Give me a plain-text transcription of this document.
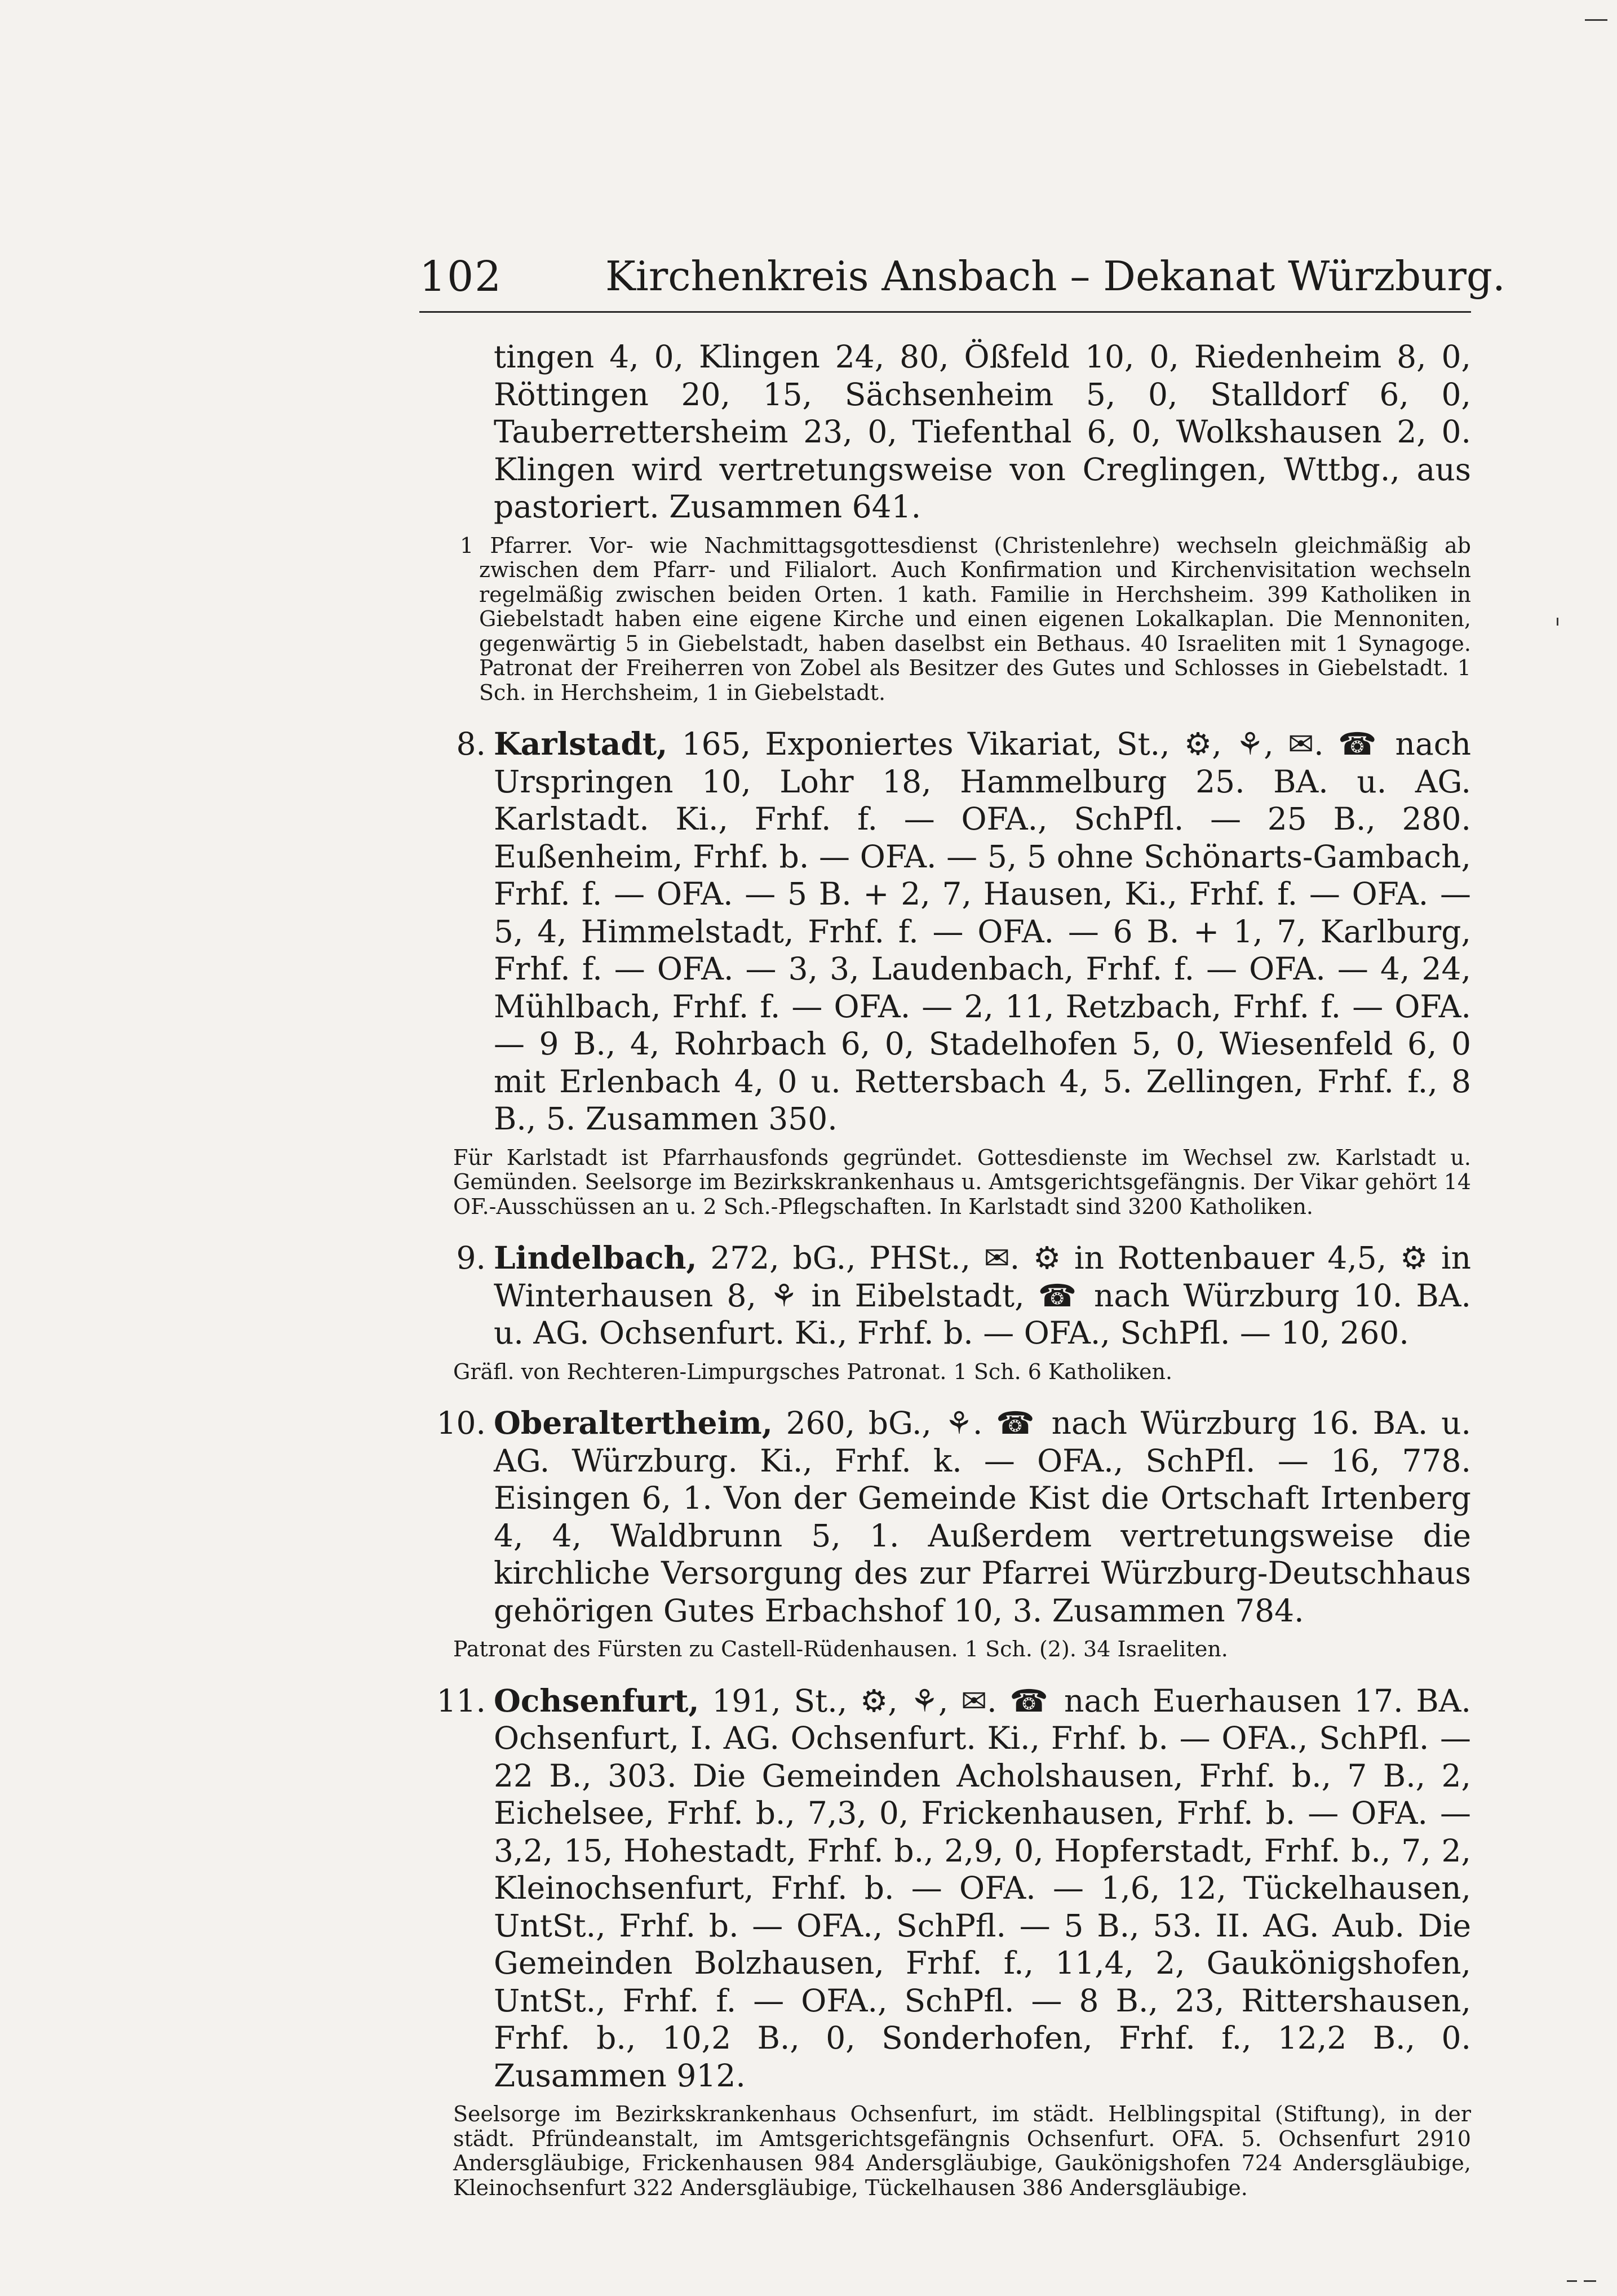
102	Kirchenkreis Ansbach – Dekanat Würzburg.

tingen 4, 0, Klingen 24, 80, Ößfeld 10, 0, Riedenheim 8, 0, Röttingen 20, 15, Sächsenheim 5, 0, Stalldorf 6, 0, Tauberrettersheim 23, 0, Tiefenthal 6, 0, Wolkshausen 2, 0. Klingen wird vertretungsweise von Creglingen, Wttbg., aus pastoriert. Zusammen 641.

1 Pfarrer. Vor- wie Nachmittagsgottesdienst (Christenlehre) wechseln gleichmäßig ab zwischen dem Pfarr- und Filialort. Auch Konfirmation und Kirchenvisitation wechseln regelmäßig zwischen beiden Orten. 1 kath. Familie in Herchsheim. 399 Katholiken in Giebelstadt haben eine eigene Kirche und einen eigenen Lokalkaplan. Die Mennoniten, gegenwärtig 5 in Giebelstadt, haben daselbst ein Bethaus. 40 Israeliten mit 1 Synagoge. Patronat der Freiherren von Zobel als Besitzer des Gutes und Schlosses in Giebelstadt. 1 Sch. in Herchsheim, 1 in Giebelstadt.

8. Karlstadt, 165, Exponiertes Vikariat, St., ⚙, ⚘, ✉. ☎ nach Urspringen 10, Lohr 18, Hammelburg 25. BA. u. AG. Karlstadt. Ki., Frhf. f. — OFA., SchPfl. — 25 B., 280. Eußenheim, Frhf. b. — OFA. — 5, 5 ohne Schönarts-Gambach, Frhf. f. — OFA. — 5 B. + 2, 7, Hausen, Ki., Frhf. f. — OFA. — 5, 4, Himmelstadt, Frhf. f. — OFA. — 6 B. + 1, 7, Karlburg, Frhf. f. — OFA. — 3, 3, Laudenbach, Frhf. f. — OFA. — 4, 24, Mühlbach, Frhf. f. — OFA. — 2, 11, Retzbach, Frhf. f. — OFA. — 9 B., 4, Rohrbach 6, 0, Stadelhofen 5, 0, Wiesenfeld 6, 0 mit Erlenbach 4, 0 u. Rettersbach 4, 5. Zellingen, Frhf. f., 8 B., 5. Zusammen 350.

Für Karlstadt ist Pfarrhausfonds gegründet. Gottesdienste im Wechsel zw. Karlstadt u. Gemünden. Seelsorge im Bezirkskrankenhaus u. Amtsgerichtsgefängnis. Der Vikar gehört 14 OF.-Ausschüssen an u. 2 Sch.-Pflegschaften. In Karlstadt sind 3200 Katholiken.

9. Lindelbach, 272, bG., PHSt., ✉. ⚙ in Rottenbauer 4,5, ⚙ in Winterhausen 8, ⚘ in Eibelstadt, ☎ nach Würzburg 10. BA. u. AG. Ochsenfurt. Ki., Frhf. b. — OFA., SchPfl. — 10, 260.

Gräfl. von Rechteren-Limpurgsches Patronat. 1 Sch. 6 Katholiken.

10. Oberaltertheim, 260, bG., ⚘. ☎ nach Würzburg 16. BA. u. AG. Würzburg. Ki., Frhf. k. — OFA., SchPfl. — 16, 778. Eisingen 6, 1. Von der Gemeinde Kist die Ortschaft Irtenberg 4, 4, Waldbrunn 5, 1. Außerdem vertretungsweise die kirchliche Versorgung des zur Pfarrei Würzburg-Deutschhaus gehörigen Gutes Erbachshof 10, 3. Zusammen 784.

Patronat des Fürsten zu Castell-Rüdenhausen. 1 Sch. (2). 34 Israeliten.

11. Ochsenfurt, 191, St., ⚙, ⚘, ✉. ☎ nach Euerhausen 17. BA. Ochsenfurt, I. AG. Ochsenfurt. Ki., Frhf. b. — OFA., SchPfl. — 22 B., 303. Die Gemeinden Acholshausen, Frhf. b., 7 B., 2, Eichelsee, Frhf. b., 7,3, 0, Frickenhausen, Frhf. b. — OFA. — 3,2, 15, Hohestadt, Frhf. b., 2,9, 0, Hopferstadt, Frhf. b., 7, 2, Kleinochsenfurt, Frhf. b. — OFA. — 1,6, 12, Tückelhausen, UntSt., Frhf. b. — OFA., SchPfl. — 5 B., 53. II. AG. Aub. Die Gemeinden Bolzhausen, Frhf. f., 11,4, 2, Gaukönigshofen, UntSt., Frhf. f. — OFA., SchPfl. — 8 B., 23, Rittershausen, Frhf. b., 10,2 B., 0, Sonderhofen, Frhf. f., 12,2 B., 0. Zusammen 912.

Seelsorge im Bezirkskrankenhaus Ochsenfurt, im städt. Helblingspital (Stiftung), in der städt. Pfründeanstalt, im Amtsgerichtsgefängnis Ochsenfurt. OFA. 5. Ochsenfurt 2910 Andersgläubige, Frickenhausen 984 Andersgläubige, Gaukönigshofen 724 Andersgläubige, Kleinochsenfurt 322 Andersgläubige, Tückelhausen 386 Andersgläubige.
